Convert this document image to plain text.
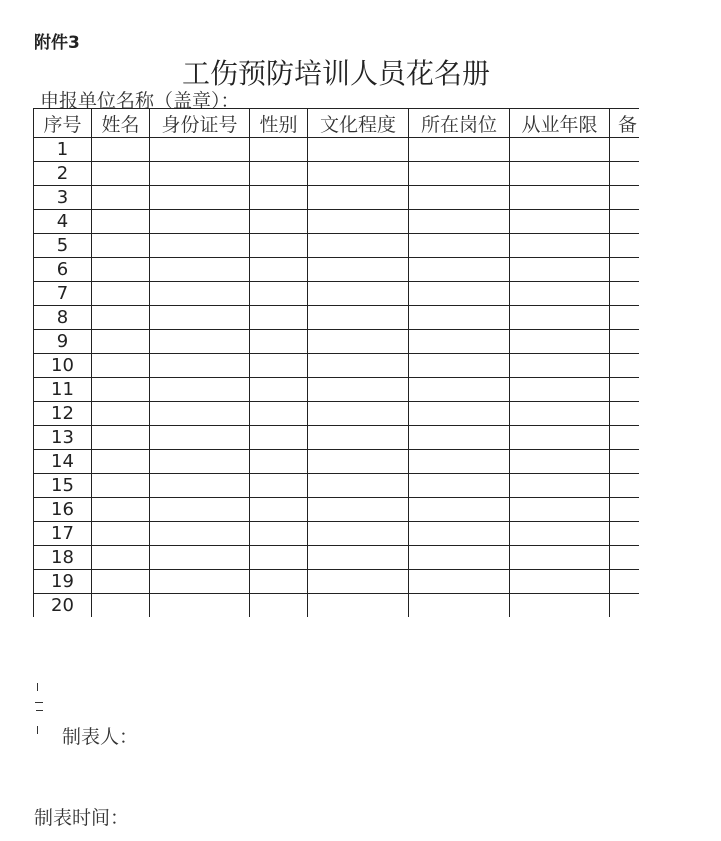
附件3
工伤预防培训人员花名册
申报单位名称（盖章）：
序号	姓名	身份证号	性别	文化程度	所在岗位	从业年限	备
1							
2							
3							
4							
5							
6							
7							
8							
9							
10							
11							
12							
13							
14							
15							
16							
17							
18							
19							
20							
制表人：
制表时间：
